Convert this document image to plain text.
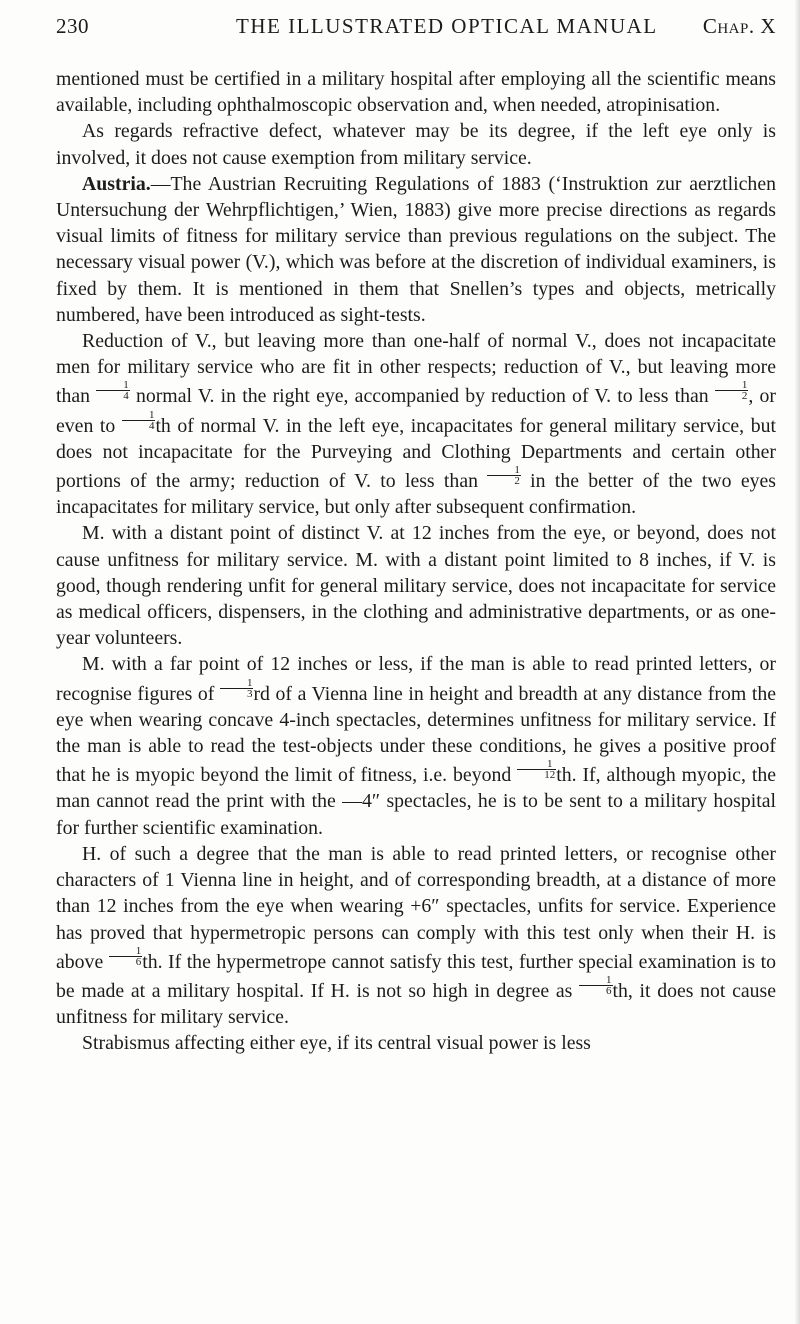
230	THE ILLUSTRATED OPTICAL MANUAL Chap. X

mentioned must be certified in a military hospital after employing all the scientific means available, including ophthalmoscopic observation and, when needed, atropinisation.

As regards refractive defect, whatever may be its degree, if the left eye only is involved, it does not cause exemption from military service.

Austria.—The Austrian Recruiting Regulations of 1883 (‘Instruktion zur aerztlichen Untersuchung der Wehrpflichtigen,’ Wien, 1883) give more precise directions as regards visual limits of fitness for military service than previous regulations on the subject. The necessary visual power (V.), which was before at the discretion of individual examiners, is fixed by them. It is mentioned in them that Snellen’s types and objects, metrically numbered, have been introduced as sight-tests.

Reduction of V., but leaving more than one-half of normal V., does not incapacitate men for military service who are fit in other respects; reduction of V., but leaving more than $\frac{1}{4}$ normal V. in the right eye, accompanied by reduction of V. to less than $\frac{1}{2}$ , or even to $\frac{1}{4}$ th of normal V. in the left eye, incapacitates for general military service, but does not incapacitate for the Purveying and Clothing Departments and certain other portions of the army; reduction of V. to less than $\frac{1}{2}$ in the better of the two eyes incapacitates for military service, but only after subsequent confirmation.

M. with a distant point of distinct V. at 12 inches from the eye, or beyond, does not cause unfitness for military service. M. with a distant point limited to 8 inches, if V. is good, though rendering unfit for general military service, does not incapacitate for service as medical officers, dispensers, in the clothing and administrative departments, or as one-year volunteers.

M. with a far point of 12 inches or less, if the man is able to read printed letters, or recognise figures of $\frac{1}{3}$ rd of a Vienna line in height and breadth at any distance from the eye when wearing concave 4-inch spectacles, determines unfitness for military service. If the man is able to read the test-objects under these conditions, he gives a positive proof that he is myopic beyond the limit of fitness, i.e. beyond $\frac{1}{12}$ th. If, although myopic, the man cannot read the print with the —4″ spectacles, he is to be sent to a military hospital for further scientific examination.

H. of such a degree that the man is able to read printed letters, or recognise other characters of 1 Vienna line in height, and of corresponding breadth, at a distance of more than 12 inches from the eye when wearing +6″ spectacles, unfits for service. Experience has proved that hypermetropic persons can comply with this test only when their H. is above $\frac{1}{6}$ th. If the hypermetrope cannot satisfy this test, further special examination is to be made at a military hospital. If H. is not so high in degree as $\frac{1}{6}$ th, it does not cause unfitness for military service.

Strabismus affecting either eye, if its central visual power is less
